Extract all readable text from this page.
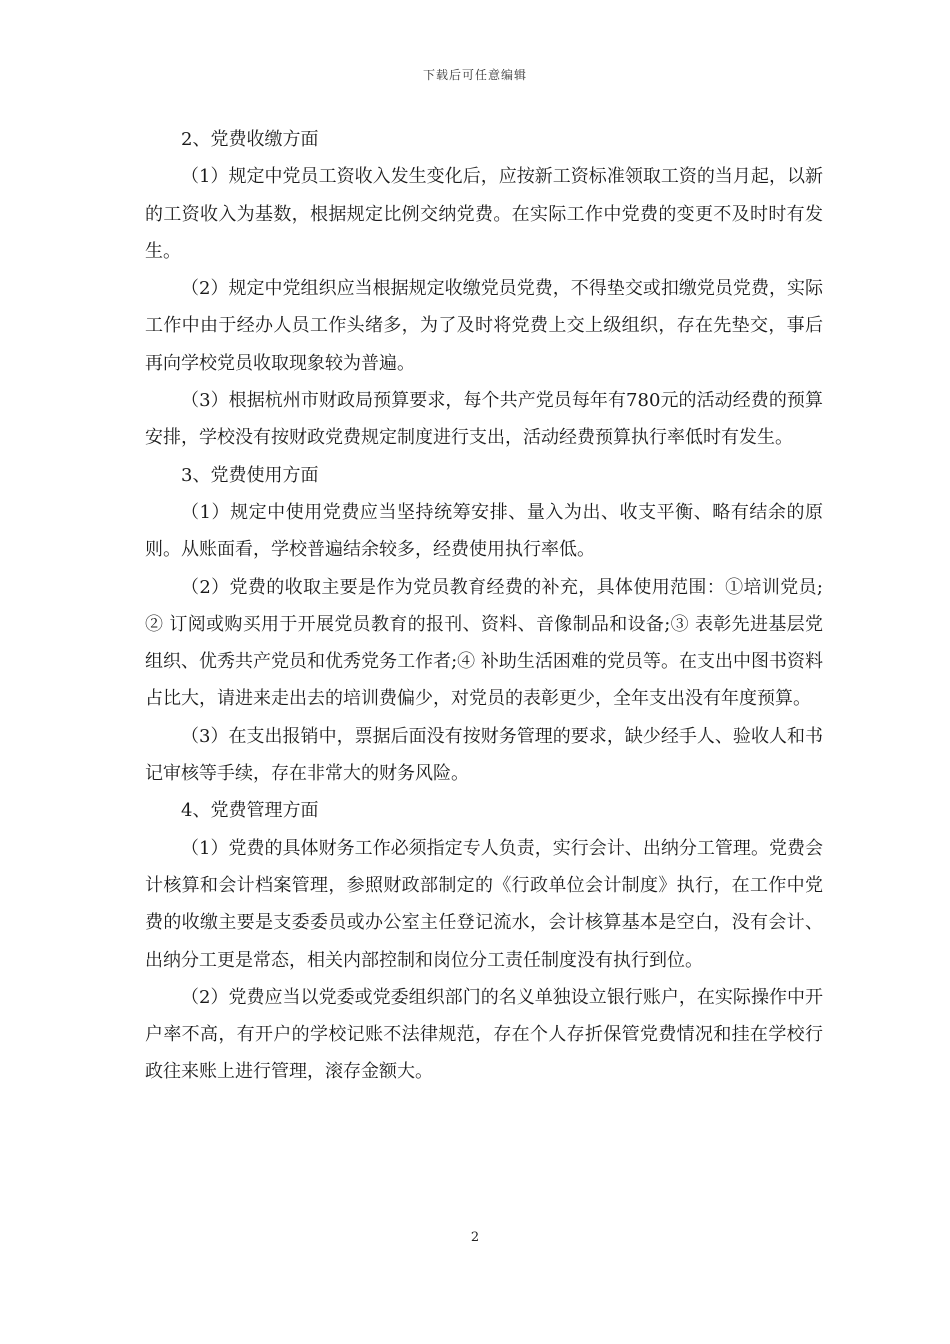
下载后可任意编辑

2、党费收缴方面

（1）规定中党员工资收入发生变化后，应按新工资标准领取工资的当月起，以新的工资收入为基数，根据规定比例交纳党费。在实际工作中党费的变更不及时时有发生。

（2）规定中党组织应当根据规定收缴党员党费，不得垫交或扣缴党员党费，实际工作中由于经办人员工作头绪多，为了及时将党费上交上级组织，存在先垫交，事后再向学校党员收取现象较为普遍。

（3）根据杭州市财政局预算要求，每个共产党员每年有780元的活动经费的预算安排，学校没有按财政党费规定制度进行支出，活动经费预算执行率低时有发生。

3、党费使用方面

（1）规定中使用党费应当坚持统筹安排、量入为出、收支平衡、略有结余的原则。从账面看，学校普遍结余较多，经费使用执行率低。

（2）党费的收取主要是作为党员教育经费的补充，具体使用范围：①培训党员;② 订阅或购买用于开展党员教育的报刊、资料、音像制品和设备;③ 表彰先进基层党组织、优秀共产党员和优秀党务工作者;④ 补助生活困难的党员等。在支出中图书资料占比大，请进来走出去的培训费偏少，对党员的表彰更少，全年支出没有年度预算。

（3）在支出报销中，票据后面没有按财务管理的要求，缺少经手人、验收人和书记审核等手续，存在非常大的财务风险。

4、党费管理方面

（1）党费的具体财务工作必须指定专人负责，实行会计、出纳分工管理。党费会计核算和会计档案管理，参照财政部制定的《行政单位会计制度》执行，在工作中党费的收缴主要是支委委员或办公室主任登记流水，会计核算基本是空白，没有会计、出纳分工更是常态，相关内部控制和岗位分工责任制度没有执行到位。

（2）党费应当以党委或党委组织部门的名义单独设立银行账户，在实际操作中开户率不高，有开户的学校记账不法律规范，存在个人存折保管党费情况和挂在学校行政往来账上进行管理，滚存金额大。

2
